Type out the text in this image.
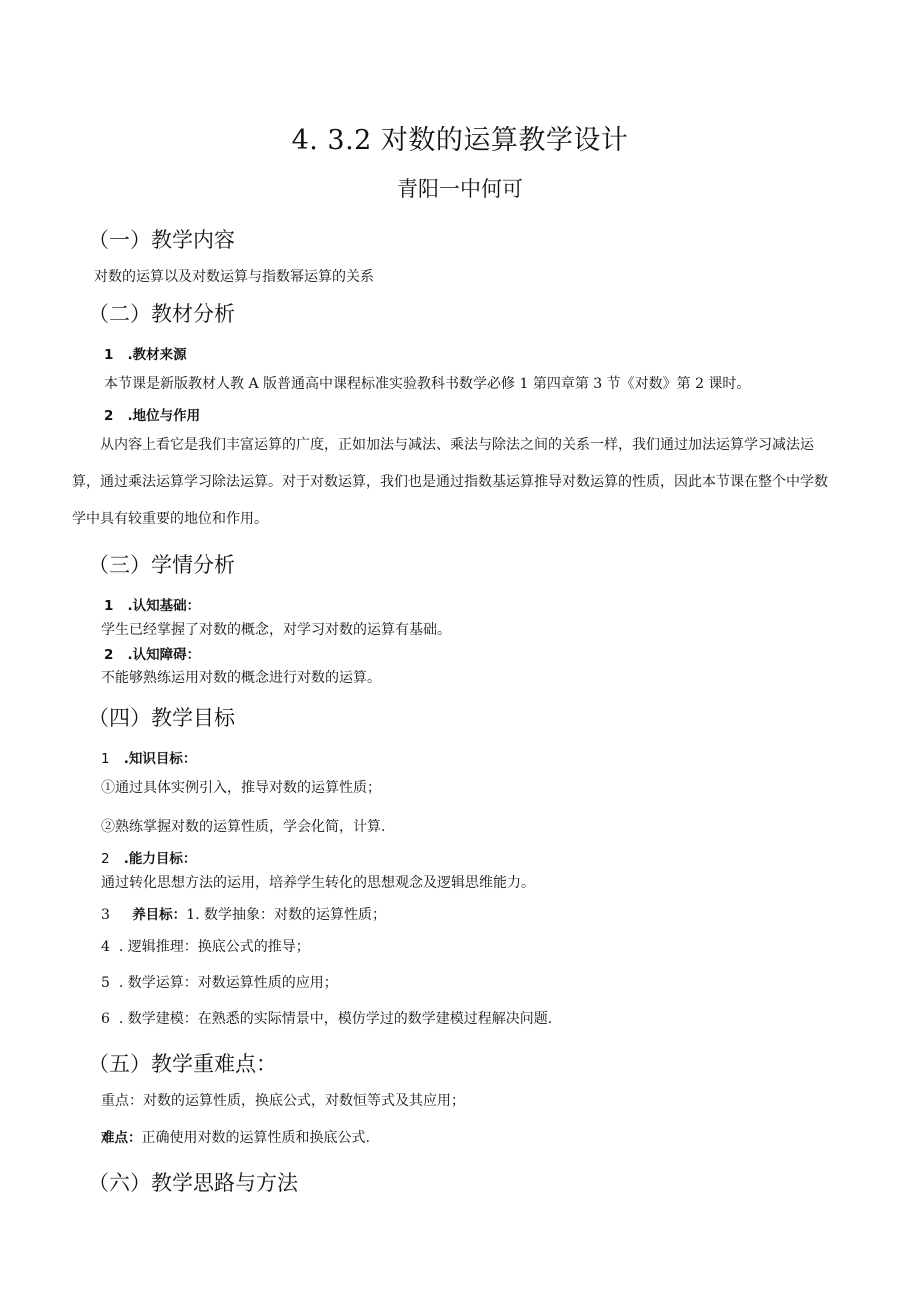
4. 3.2 对数的运算教学设计
青阳一中何可
（一）教学内容
对数的运算以及对数运算与指数幂运算的关系
（二）教材分析
1 .教材来源
本节课是新版教材人教 A 版普通高中课程标准实验教科书数学必修 1 第四章第 3 节《对数》第 2 课时。
2 .地位与作用
从内容上看它是我们丰富运算的广度，正如加法与减法、乘法与除法之间的关系一样，我们通过加法运算学习减法运算，通过乘法运算学习除法运算。对于对数运算，我们也是通过指数基运算推导对数运算的性质，因此本节课在整个中学数学中具有较重要的地位和作用。
（三）学情分析
1 .认知基础：
学生已经掌握了对数的概念，对学习对数的运算有基础。
2 .认知障碍：
不能够熟练运用对数的概念进行对数的运算。
（四）教学目标
1 .知识目标：
①通过具体实例引入，推导对数的运算性质；
②熟练掌握对数的运算性质，学会化简，计算.
2 .能力目标：
通过转化思想方法的运用，培养学生转化的思想观念及逻辑思维能力。
3 养目标：1. 数学抽象：对数的运算性质；
4 . 逻辑推理：换底公式的推导；
5 . 数学运算：对数运算性质的应用；
6 . 数学建模：在熟悉的实际情景中，模仿学过的数学建模过程解决问题.
（五）教学重难点：
重点：对数的运算性质，换底公式，对数恒等式及其应用；
难点：正确使用对数的运算性质和换底公式.
（六）教学思路与方法
